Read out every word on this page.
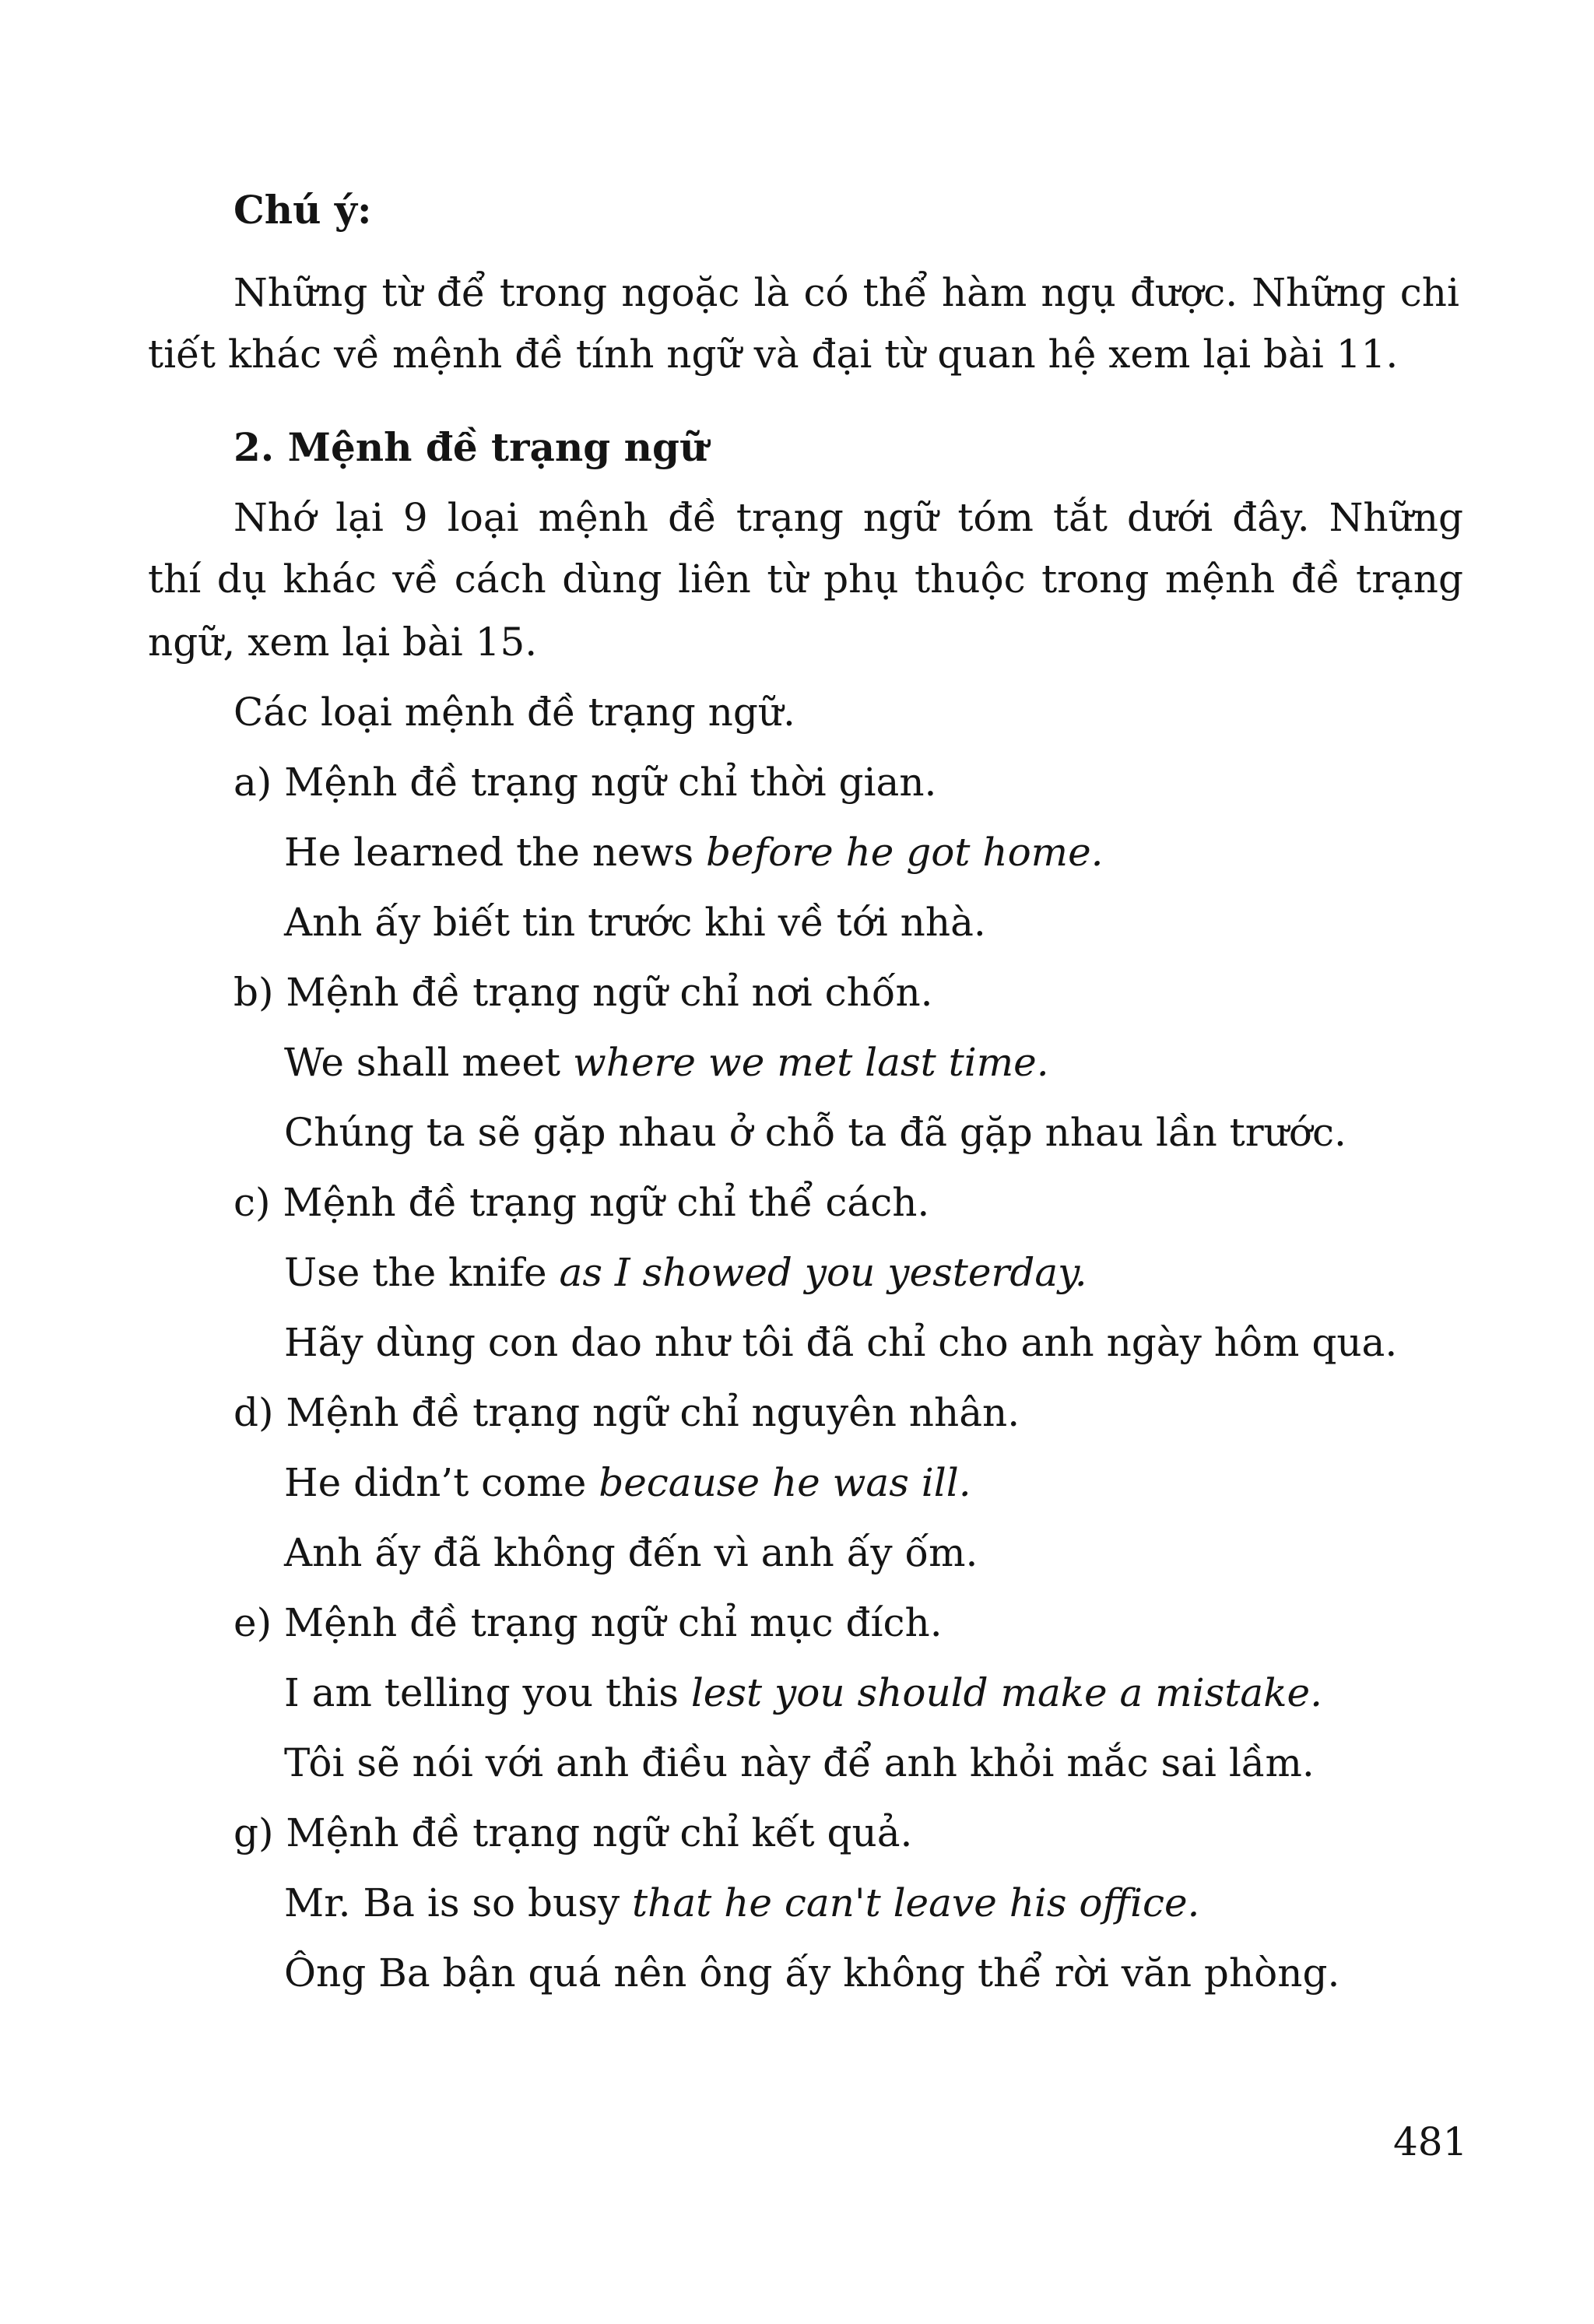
Chú ý:
Những từ để trong ngoặc là có thể hàm ngụ được. Những chi
tiết khác về mệnh đề tính ngữ và đại từ quan hệ xem lại bài 11.
2. Mệnh đề trạng ngữ
Nhớ lại 9 loại mệnh đề trạng ngữ tóm tắt dưới đây. Những
thí dụ khác về cách dùng liên từ phụ thuộc trong mệnh đề trạng
ngữ, xem lại bài 15.
Các loại mệnh đề trạng ngữ.
a) Mệnh đề trạng ngữ chỉ thời gian.
He learned the news before he got home.
Anh ấy biết tin trước khi về tới nhà.
b) Mệnh đề trạng ngữ chỉ nơi chốn.
We shall meet where we met last time.
Chúng ta sẽ gặp nhau ở chỗ ta đã gặp nhau lần trước.
c) Mệnh đề trạng ngữ chỉ thể cách.
Use the knife as I showed you yesterday.
Hãy dùng con dao như tôi đã chỉ cho anh ngày hôm qua.
d) Mệnh đề trạng ngữ chỉ nguyên nhân.
He didn’t come because he was ill.
Anh ấy đã không đến vì anh ấy ốm.
e) Mệnh đề trạng ngữ chỉ mục đích.
I am telling you this lest you should make a mistake.
Tôi sẽ nói với anh điều này để anh khỏi mắc sai lầm.
g) Mệnh đề trạng ngữ chỉ kết quả.
Mr. Ba is so busy that he can't leave his office.
Ông Ba bận quá nên ông ấy không thể rời văn phòng.
481
